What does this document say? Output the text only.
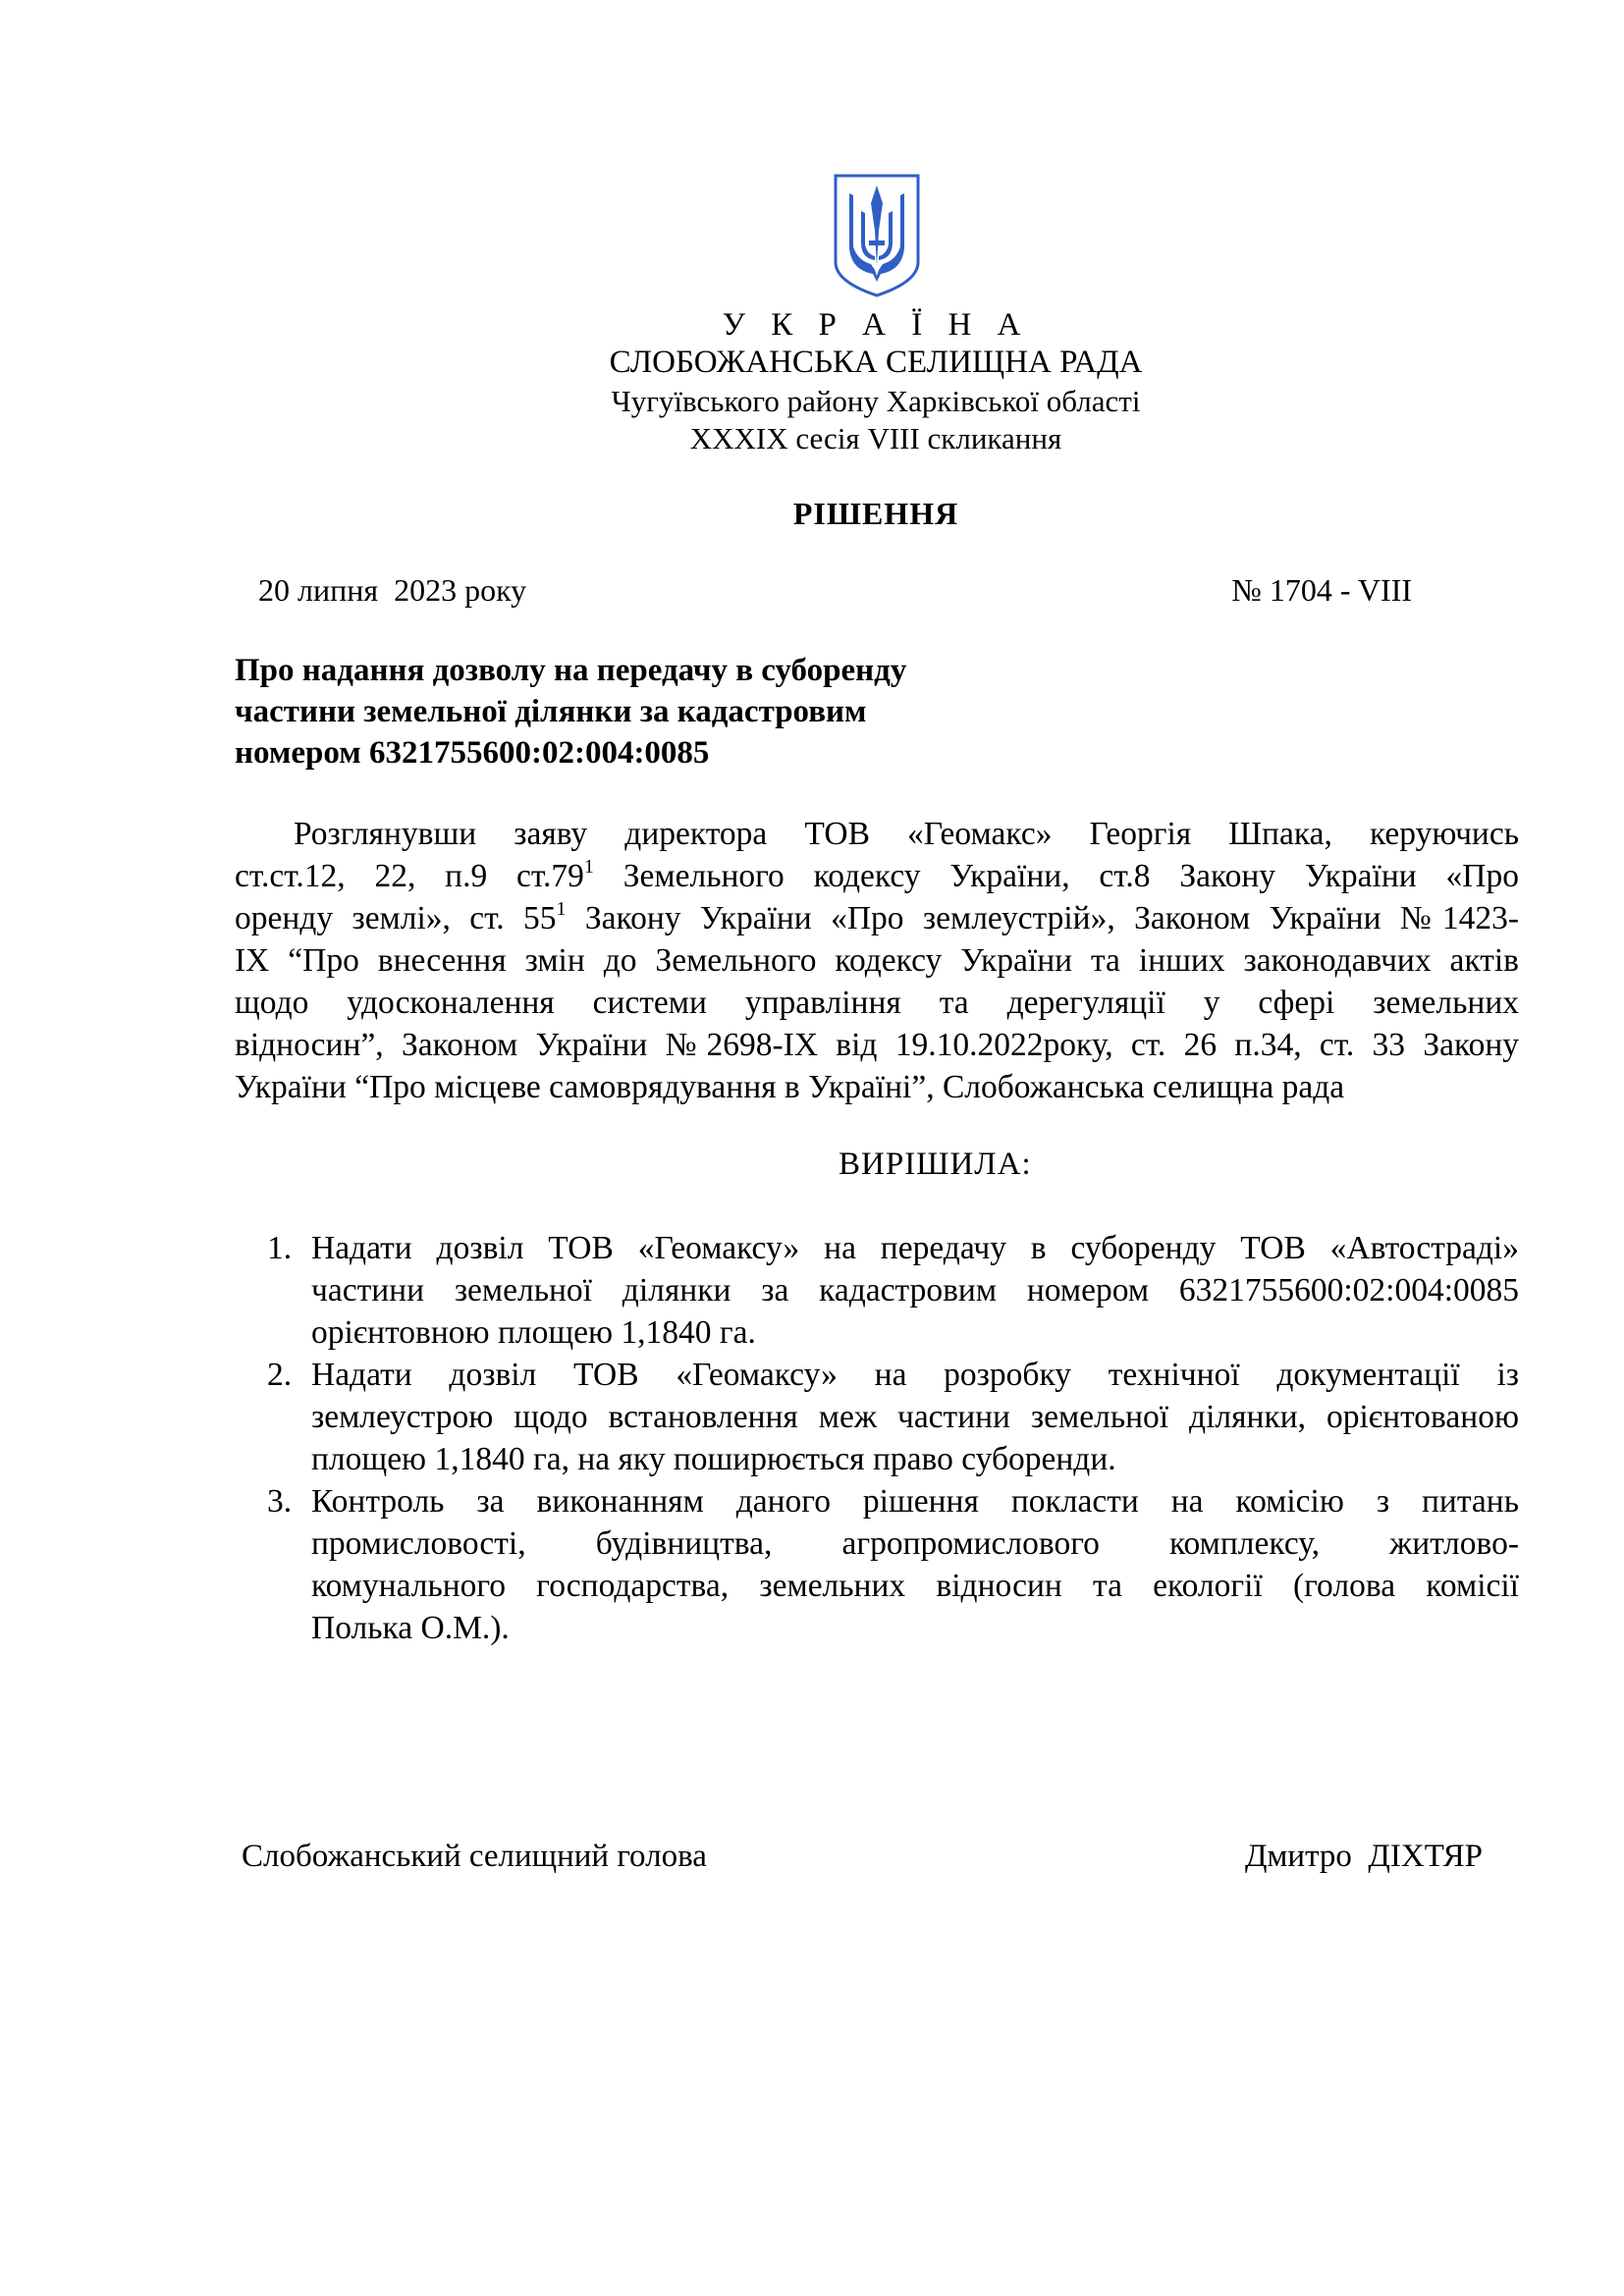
У К Р А Ї Н А
СЛОБОЖАНСЬКА СЕЛИЩНА РАДА
Чугуївського району Харківської області
ХХХІХ сесія VІІІ скликання
РІШЕННЯ
20 липня  2023 року	№ 1704 - VIII
Про надання дозволу на передачу в суборенду
частини земельної ділянки за кадастровим
номером 6321755600:02:004:0085
Розглянувши заяву директора ТОВ «Геомакс» Георгія Шпака, керуючись
ст.ст.12, 22, п.9 $ст.79^1$ Земельного кодексу України, ст.8 Закону України «Про
оренду землі», ст. $55^1$ Закону України «Про землеустрій», Законом України №1423-
ІХ “Про внесення змін до Земельного кодексу України та інших законодавчих актів
щодо удосконалення системи управління та дерегуляції у сфері земельних
відносин”, Законом України №2698-ІХ від 19.10.2022року, ст. 26 п.34, ст. 33 Закону
України “Про місцеве самоврядування в Україні”, Слобожанська селищна рада
ВИРІШИЛА:
1. Надати дозвіл ТОВ «Геомаксу» на передачу в суборенду ТОВ «Автостраді»
частини земельної ділянки за кадастровим номером 6321755600:02:004:0085
орієнтовною площею 1,1840 га.
2. Надати дозвіл ТОВ «Геомаксу» на розробку технічної документації із
землеустрою щодо встановлення меж частини земельної ділянки, орієнтованою
площею 1,1840 га, на яку поширюється право суборенди.
3. Контроль за виконанням даного рішення покласти на комісію з питань
промисловості, будівництва, агропромислового комплексу, житлово-
комунального господарства, земельних відносин та екології (голова комісії
Полька О.М.).
Слобожанський селищний голова	Дмитро  ДІХТЯР
